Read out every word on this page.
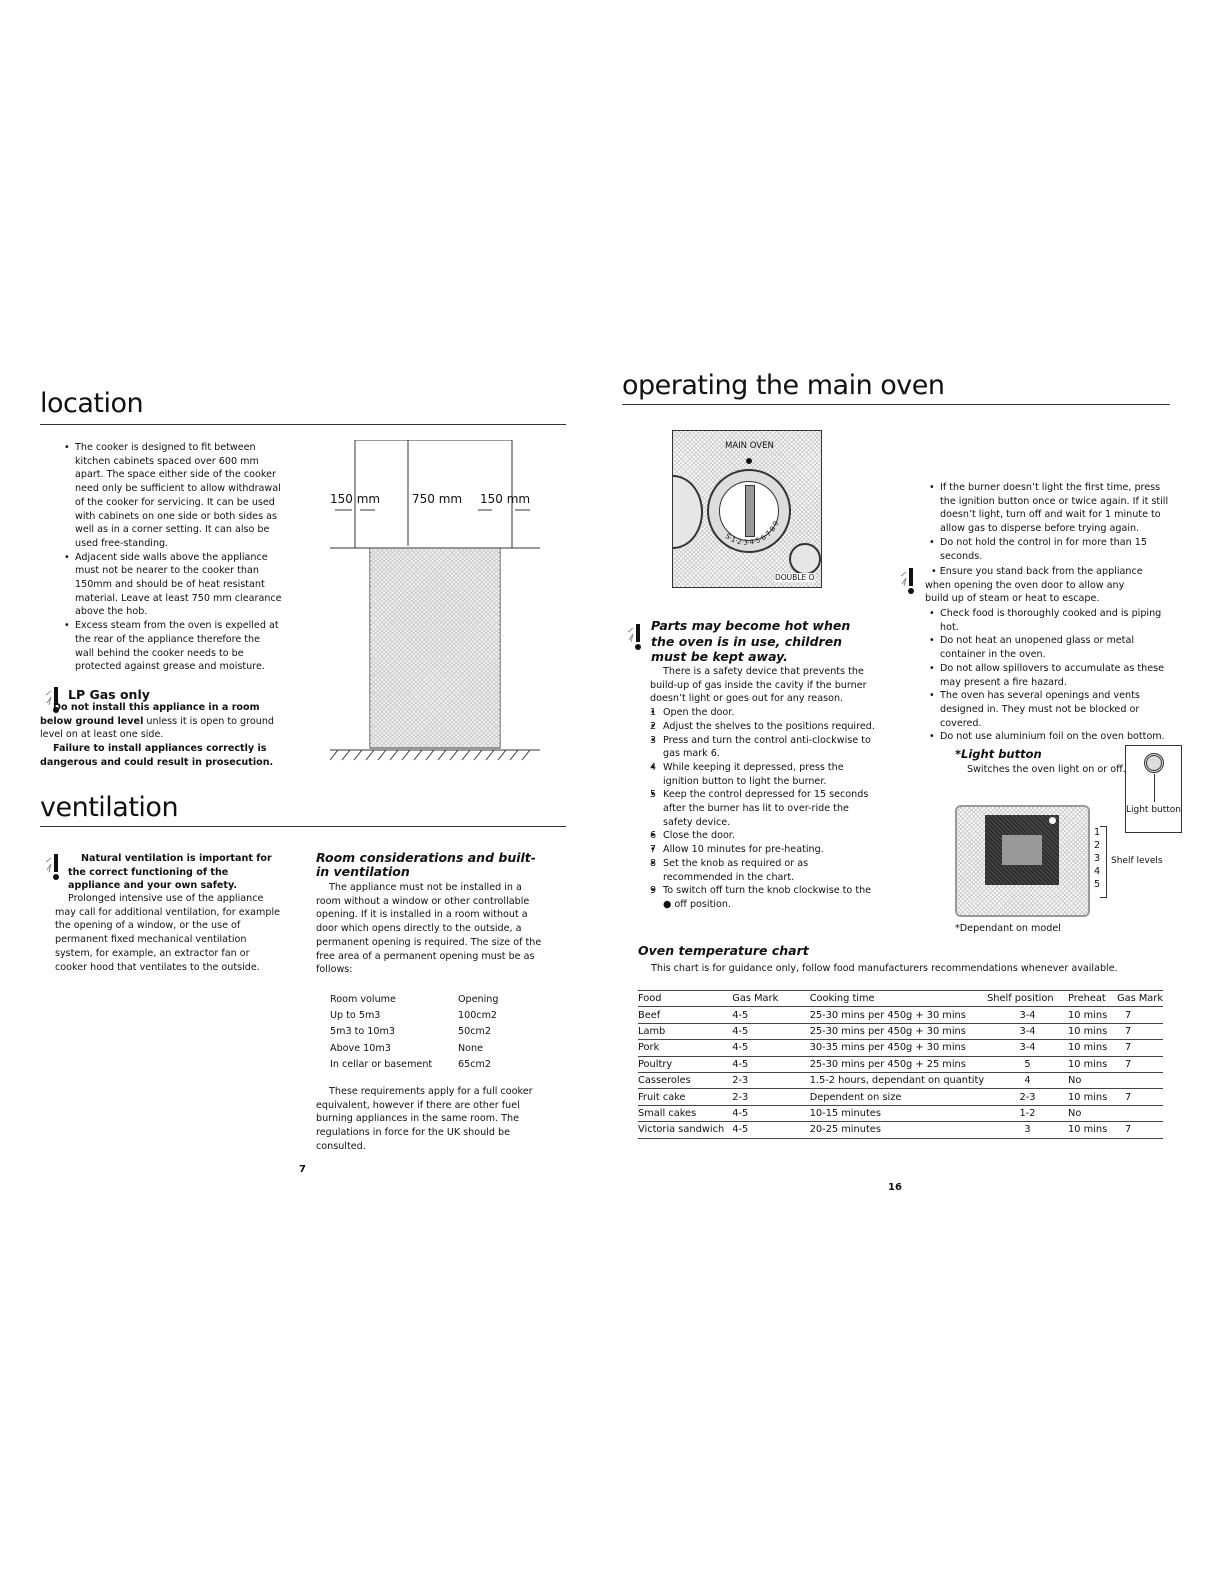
location
• The cooker is designed to fit between kitchen cabinets spaced over 600 mm apart. The space either side of the cooker need only be sufficient to allow withdrawal of the cooker for servicing. It can be used with cabinets on one side or both sides as well as in a corner setting. It can also be used free-standing.
• Adjacent side walls above the appliance must not be nearer to the cooker than 150mm and should be of heat resistant material. Leave at least 750 mm clearance above the hob.
• Excess steam from the oven is expelled at the rear of the appliance therefore the wall behind the cooker needs to be protected against grease and moisture.
LP Gas only

Do not install this appliance in a room below ground level unless it is open to ground level on at least one side.

Failure to install appliances correctly is dangerous and could result in prosecution.

150 mm	750 mm 150 mm
ventilation

Natural ventilation is important for the correct functioning of the appliance and your own safety.

Prolonged intensive use of the appliance may call for additional ventilation, for example the opening of a window, or the use of permanent fixed mechanical ventilation system, for example, an extractor fan or cooker hood that ventilates to the outside.

Room considerations and built-in ventilation

The appliance must not be installed in a room without a window or other controllable opening. If it is installed in a room without a door which opens directly to the outside, a permanent opening is required. The size of the free area of a permanent opening must be as follows:

Room volume	Opening
Up to 5m3	100cm2
5m3 to 10m3	50cm2
Above 10m3	None
In cellar or basement	65cm2

These requirements apply for a full cooker equivalent, however if there are other fuel burning appliances in the same room. The regulations in force for the UK should be consulted.

7
operating the main oven
MAIN OVEN
S·1·2·3·4·5·6·7·8·9
DOUBLE O
Parts may become hot when the oven is in use, children must be kept away.

There is a safety device that prevents the build-up of gas inside the cavity if the burner doesn’t light or goes out for any reason.

• 1 Open the door.
• 2 Adjust the shelves to the positions required.
• 3 Press and turn the control anti-clockwise to gas mark 6.
• 4 While keeping it depressed, press the ignition button to light the burner.
• 5 Keep the control depressed for 15 seconds after the burner has lit to over-ride the safety device.
• 6 Close the door.
• 7 Allow 10 minutes for pre-heating.
• 8 Set the knob as required or as recommended in the chart.
• 9 To switch off turn the knob clockwise to the ● off position.
• If the burner doesn’t light the first time, press the ignition button once or twice again. If it still doesn’t light, turn off and wait for 1 minute to allow gas to disperse before trying again.
• Do not hold the control in for more than 15 seconds.
• Ensure you stand back from the appliance when opening the oven door to allow any build up of steam or heat to escape.
• Check food is thoroughly cooked and is piping hot.
• Do not heat an unopened glass or metal container in the oven.
• Do not allow spillovers to accumulate as these may present a fire hazard.
• The oven has several openings and vents designed in. They must not be blocked or covered.
• Do not use aluminium foil on the oven bottom.
*Light button
Switches the oven light on or off.
Light button
1
2
3
4
5
Shelf levels
*Dependant on model
Oven temperature chart
This chart is for guidance only, follow food manufacturers recommendations whenever available.
Food	Gas Mark	Cooking time	Shelf position	Preheat	Gas Mark
Beef	4-5	25-30 mins per 450g + 30 mins	3-4	10 mins	7
Lamb	4-5	25-30 mins per 450g + 30 mins	3-4	10 mins	7
Pork	4-5	30-35 mins per 450g + 30 mins	3-4	10 mins	7
Poultry	4-5	25-30 mins per 450g + 25 mins	5	10 mins	7
Casseroles	2-3	1.5-2 hours, dependant on quantity	4	No	
Fruit cake	2-3	Dependent on size	2-3	10 mins	7
Small cakes	4-5	10-15 minutes	1-2	No	
Victoria sandwich	4-5	20-25 minutes	3	10 mins	7
16
